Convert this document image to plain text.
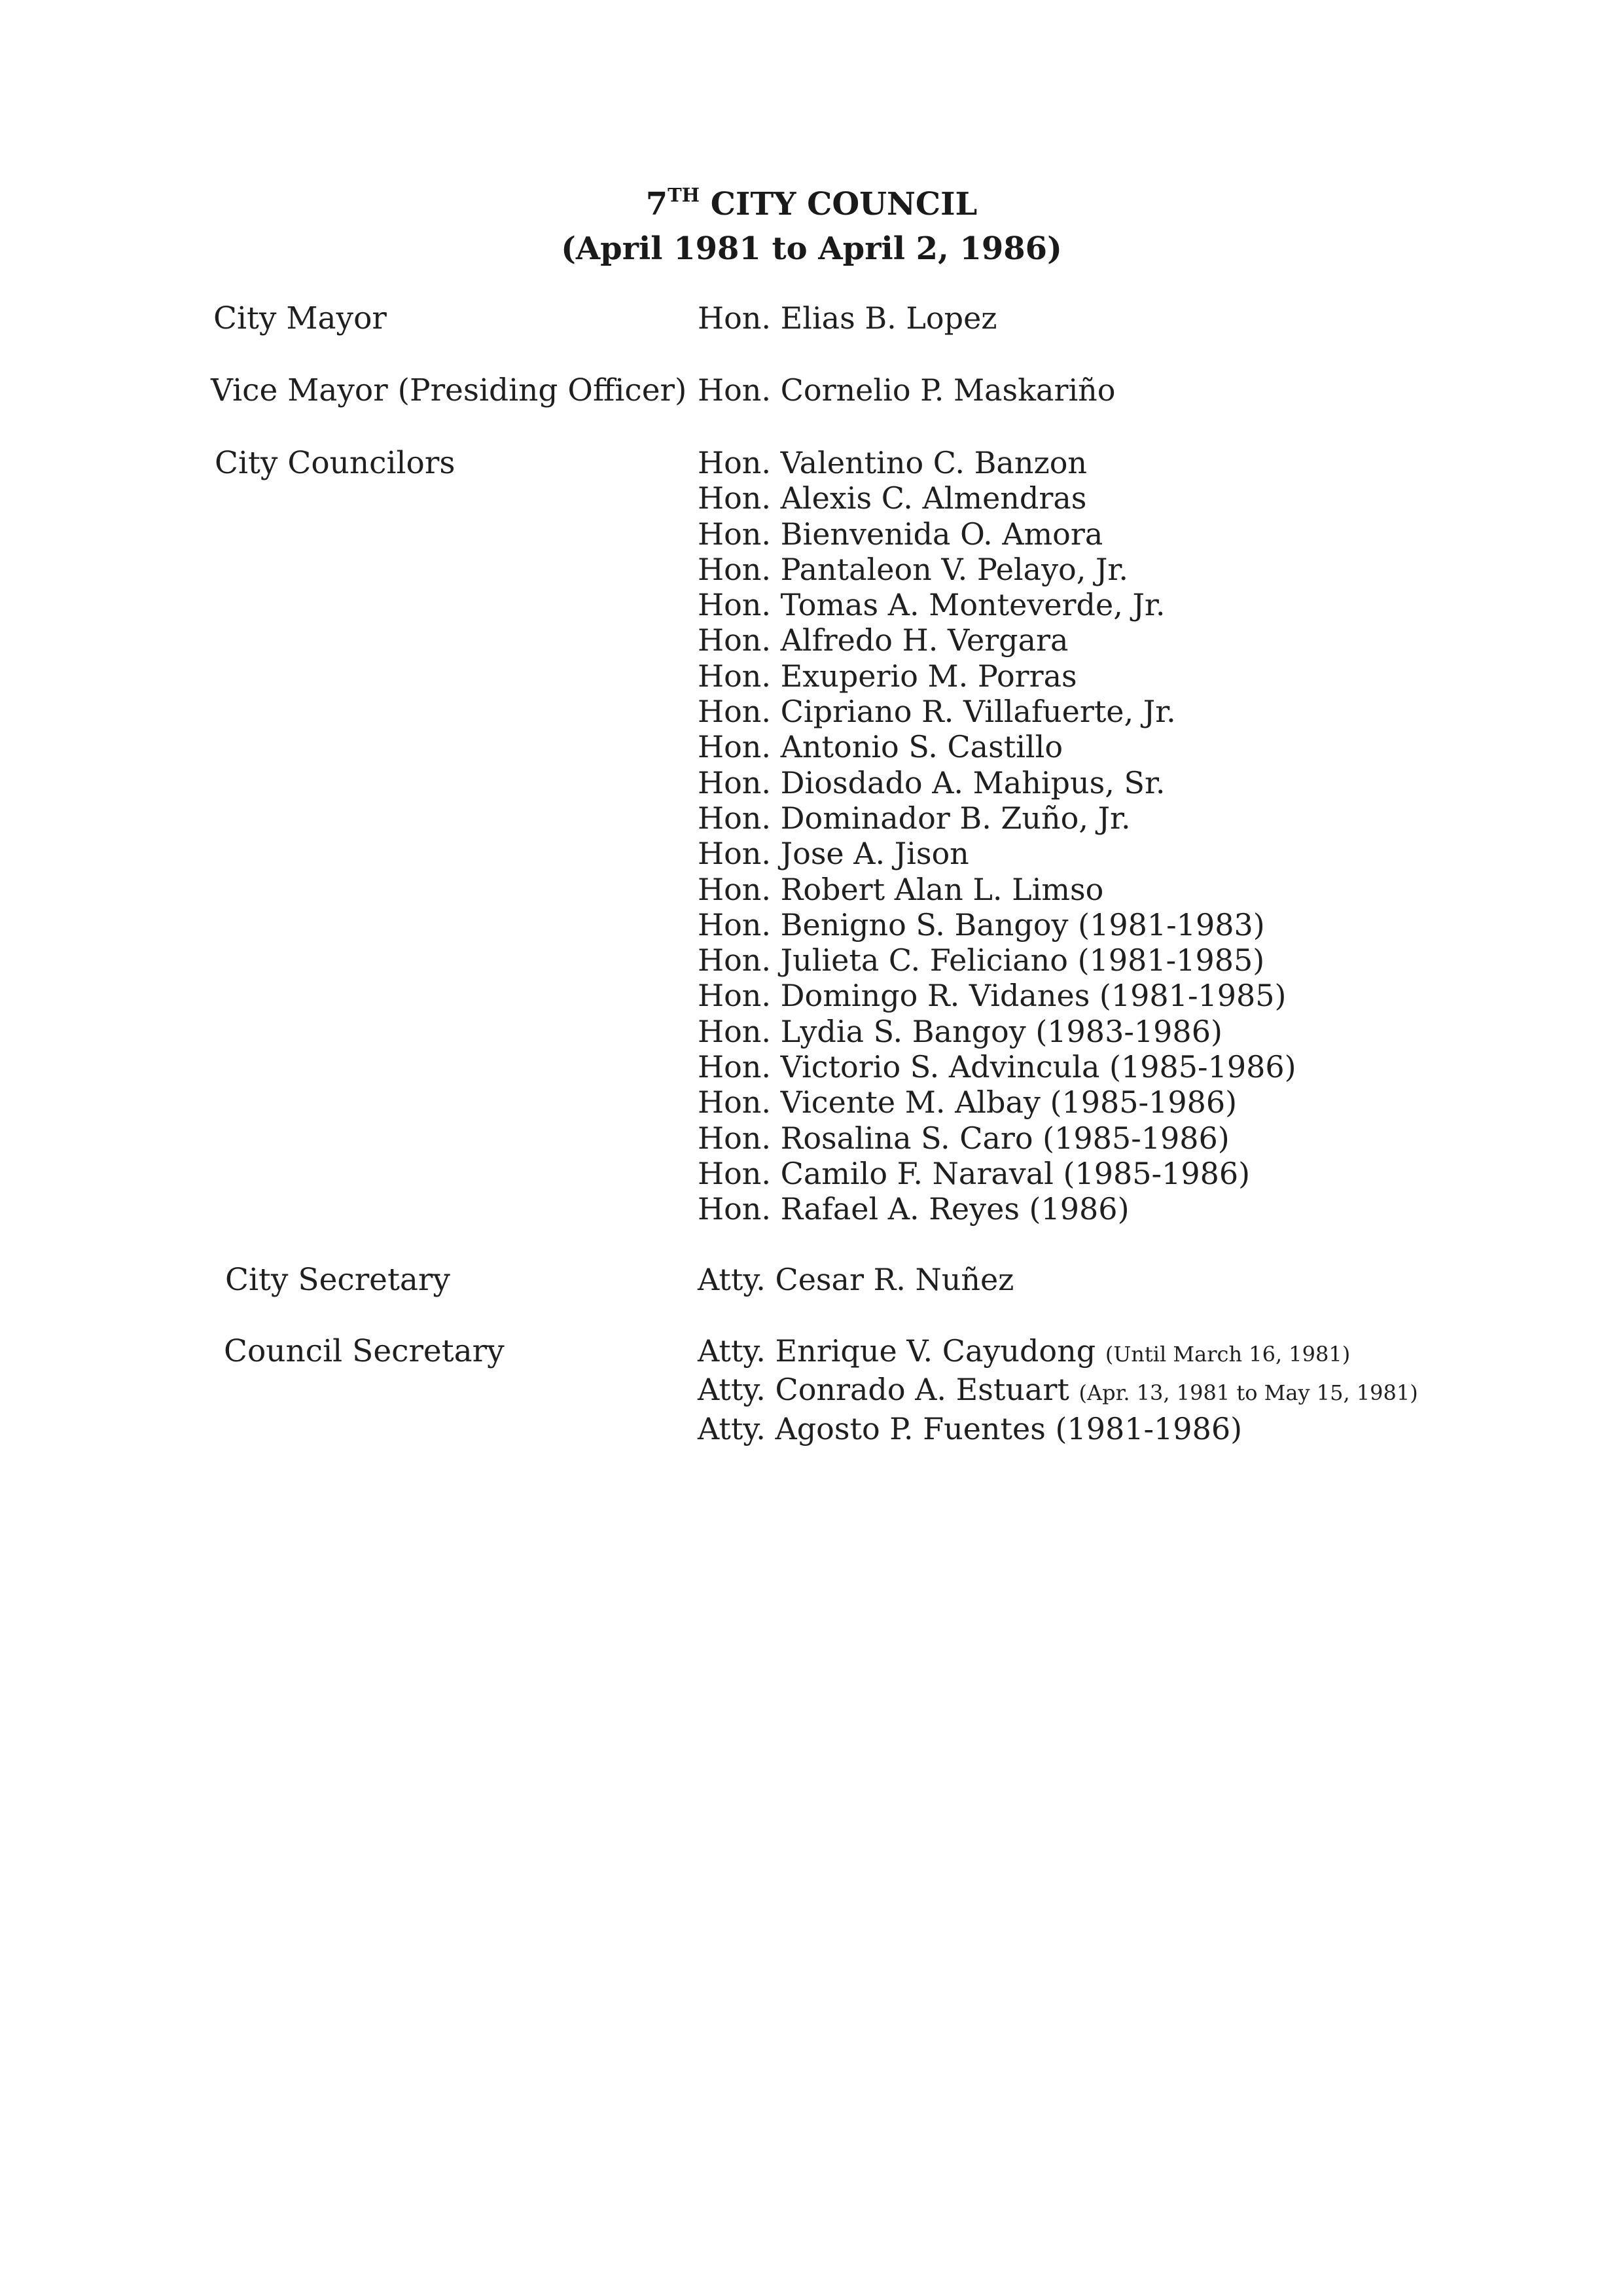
7TH CITY COUNCIL
(April 1981 to April 2, 1986)
City Mayor	Hon. Elias B. Lopez
Vice Mayor (Presiding Officer) Hon. Cornelio P. Maskariño
City Councilors	Hon. Valentino C. Banzon
Hon. Alexis C. Almendras
Hon. Bienvenida O. Amora
Hon. Pantaleon V. Pelayo, Jr.
Hon. Tomas A. Monteverde, Jr.
Hon. Alfredo H. Vergara
Hon. Exuperio M. Porras
Hon. Cipriano R. Villafuerte, Jr.
Hon. Antonio S. Castillo
Hon. Diosdado A. Mahipus, Sr.
Hon. Dominador B. Zuño, Jr.
Hon. Jose A. Jison
Hon. Robert Alan L. Limso
Hon. Benigno S. Bangoy (1981-1983)
Hon. Julieta C. Feliciano (1981-1985)
Hon. Domingo R. Vidanes (1981-1985)
Hon. Lydia S. Bangoy (1983-1986)
Hon. Victorio S. Advincula (1985-1986)
Hon. Vicente M. Albay (1985-1986)
Hon. Rosalina S. Caro (1985-1986)
Hon. Camilo F. Naraval (1985-1986)
Hon. Rafael A. Reyes (1986)
City Secretary	Atty. Cesar R. Nuñez
Council Secretary	Atty. Enrique V. Cayudong (Until March 16, 1981)
Atty. Conrado A. Estuart (Apr. 13, 1981 to May 15, 1981)
Atty. Agosto P. Fuentes (1981-1986)
